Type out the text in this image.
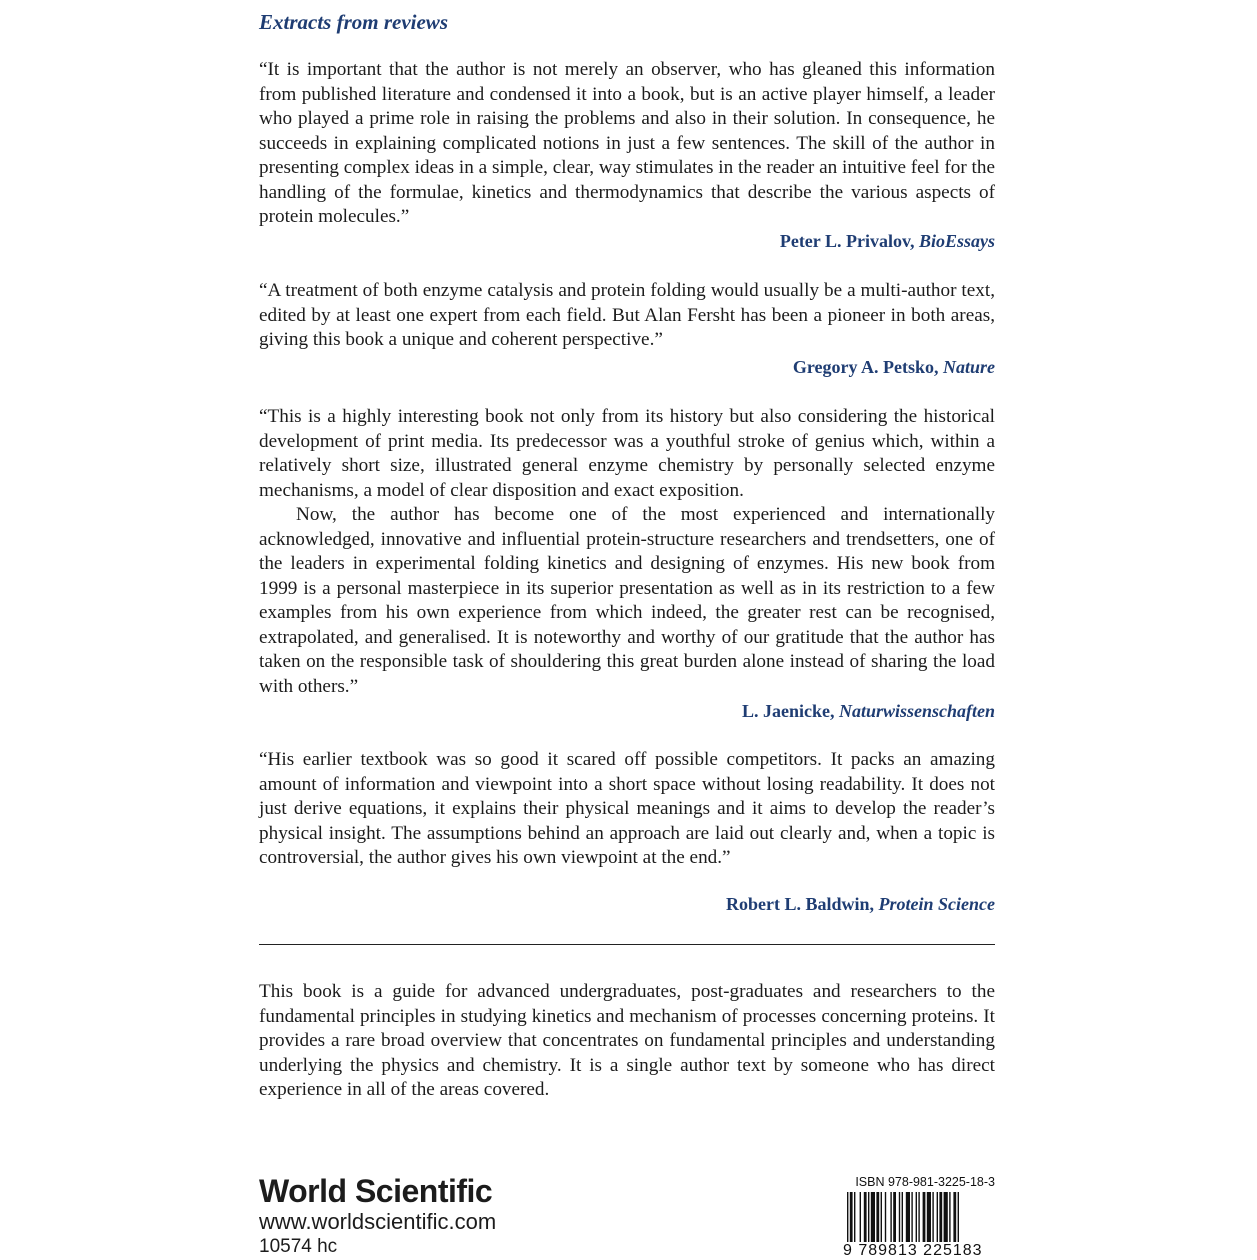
Extracts from reviews

“It is important that the author is not merely an observer, who has gleaned this information from published literature and condensed it into a book, but is an active player himself, a leader who played a prime role in raising the problems and also in their solution. In consequence, he succeeds in explaining complicated notions in just a few sentences. The skill of the author in presenting complex ideas in a simple, clear, way stimulates in the reader an intuitive feel for the handling of the formulae, kinetics and thermodynamics that describe the various aspects of protein molecules.”

Peter L. Privalov, BioEssays

“A treatment of both enzyme catalysis and protein folding would usually be a multi-author text, edited by at least one expert from each field. But Alan Fersht has been a pioneer in both areas, giving this book a unique and coherent perspective.”

Gregory A. Petsko, Nature
“This is a highly interesting book not only from its history but also considering the historical development of print media. Its predecessor was a youthful stroke of genius which, within a relatively short size, illustrated general enzyme chemistry by personally selected enzyme mechanisms, a model of clear disposition and exact exposition.
Now, the author has become one of the most experienced and internationally acknowledged, innovative and influential protein-structure researchers and trendsetters, one of the leaders in experimental folding kinetics and designing of enzymes. His new book from 1999 is a personal masterpiece in its superior presentation as well as in its restriction to a few examples from his own experience from which indeed, the greater rest can be recognised, extrapolated, and generalised. It is noteworthy and worthy of our gratitude that the author has taken on the responsible task of shouldering this great burden alone instead of sharing the load with others.”
L. Jaenicke, Naturwissenschaften

“His earlier textbook was so good it scared off possible competitors. It packs an amazing amount of information and viewpoint into a short space without losing readability. It does not just derive equations, it explains their physical meanings and it aims to develop the reader’s physical insight. The assumptions behind an approach are laid out clearly and, when a topic is controversial, the author gives his own viewpoint at the end.”

Robert L. Baldwin, Protein Science

This book is a guide for advanced undergraduates, post-graduates and researchers to the fundamental principles in studying kinetics and mechanism of processes concerning proteins. It provides a rare broad overview that concentrates on fundamental principles and understanding underlying the physics and chemistry. It is a single author text by someone who has direct experience in all of the areas covered.

World Scientific
www.worldscientific.com
10574 hc
ISBN 978-981-3225-18-3
9 789813 225183
